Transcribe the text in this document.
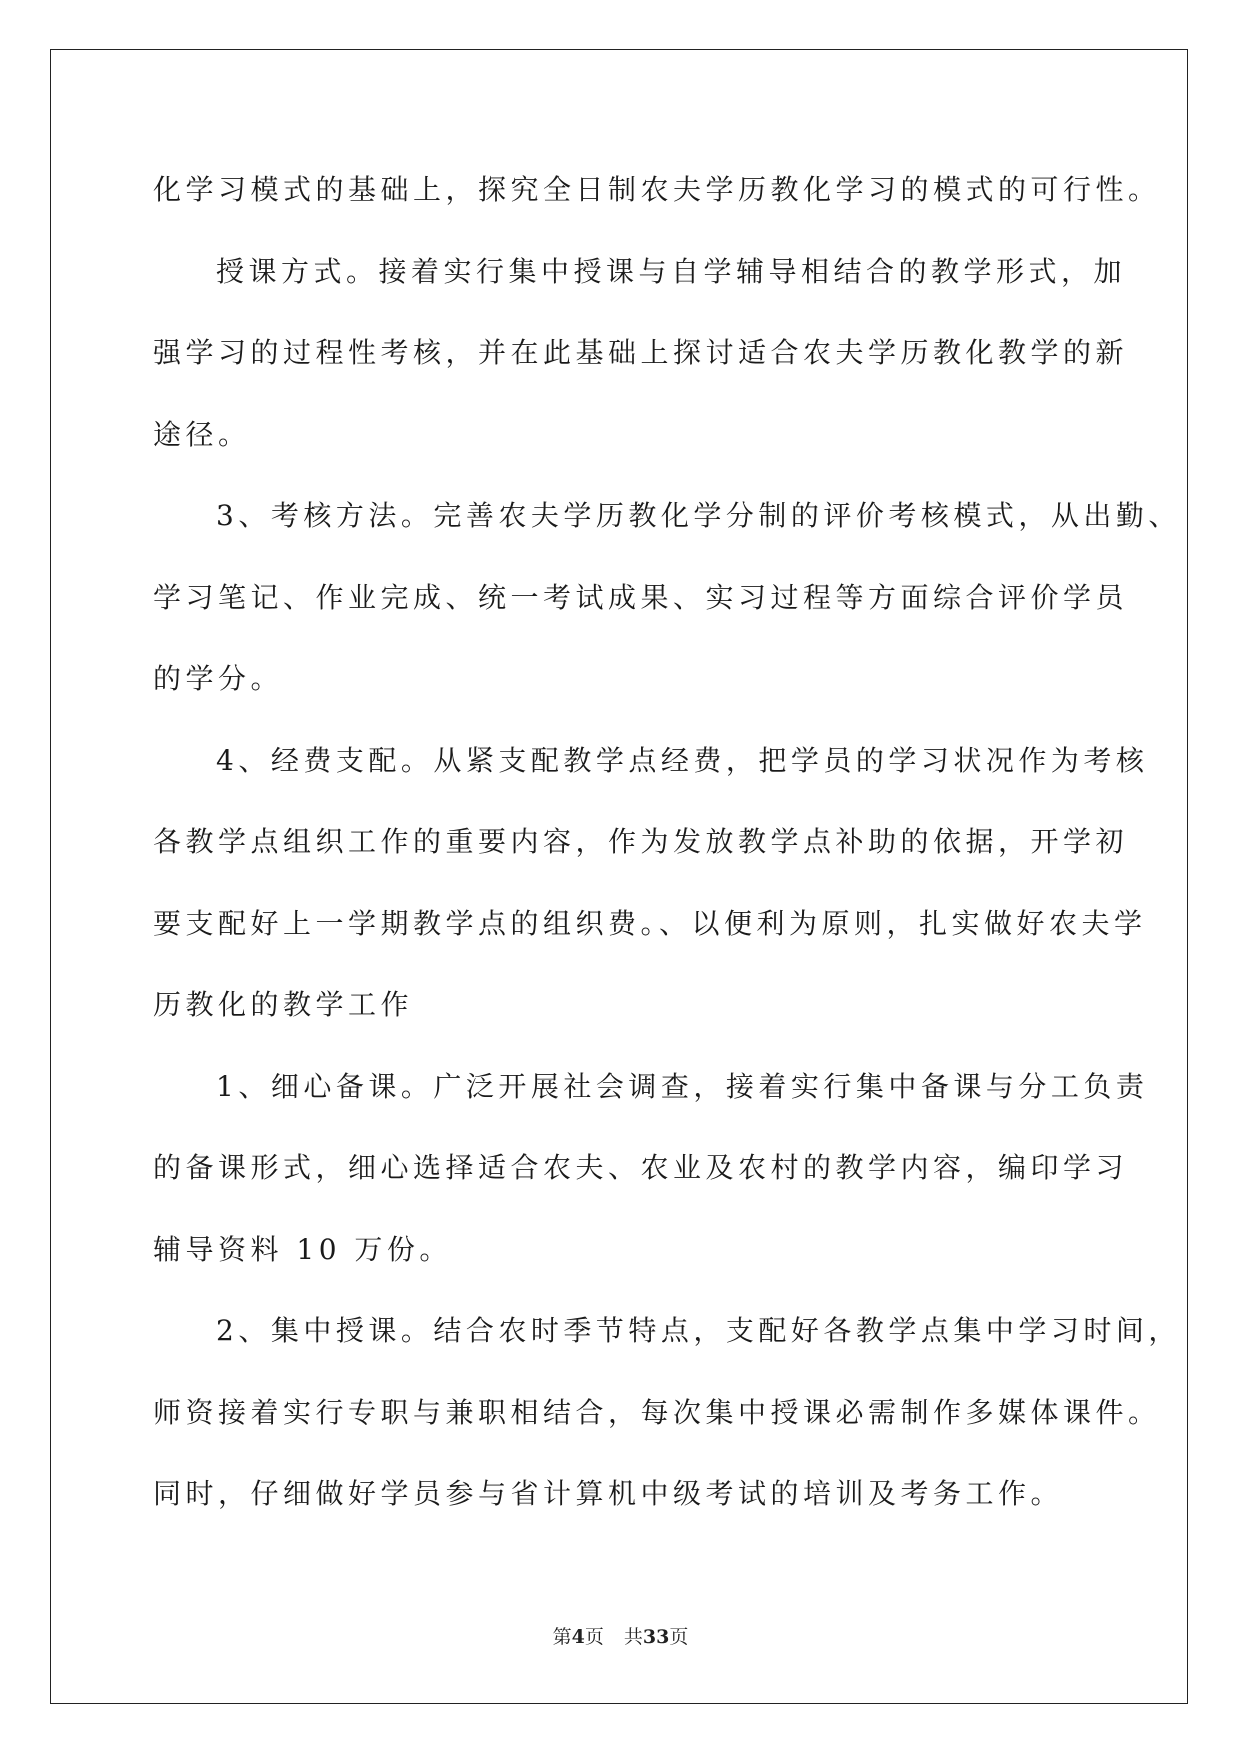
化学习模式的基础上，探究全日制农夫学历教化学习的模式的可行性。
授课方式。接着实行集中授课与自学辅导相结合的教学形式，加
强学习的过程性考核，并在此基础上探讨适合农夫学历教化教学的新
途径。
3、考核方法。完善农夫学历教化学分制的评价考核模式，从出勤、
学习笔记、作业完成、统一考试成果、实习过程等方面综合评价学员
的学分。
4、经费支配。从紧支配教学点经费，把学员的学习状况作为考核
各教学点组织工作的重要内容，作为发放教学点补助的依据，开学初
要支配好上一学期教学点的组织费。、以便利为原则，扎实做好农夫学
历教化的教学工作
1、细心备课。广泛开展社会调查，接着实行集中备课与分工负责
的备课形式，细心选择适合农夫、农业及农村的教学内容，编印学习
辅导资料 10 万份。
2、集中授课。结合农时季节特点，支配好各教学点集中学习时间，
师资接着实行专职与兼职相结合，每次集中授课必需制作多媒体课件。
同时，仔细做好学员参与省计算机中级考试的培训及考务工作。
第4页 共33页
